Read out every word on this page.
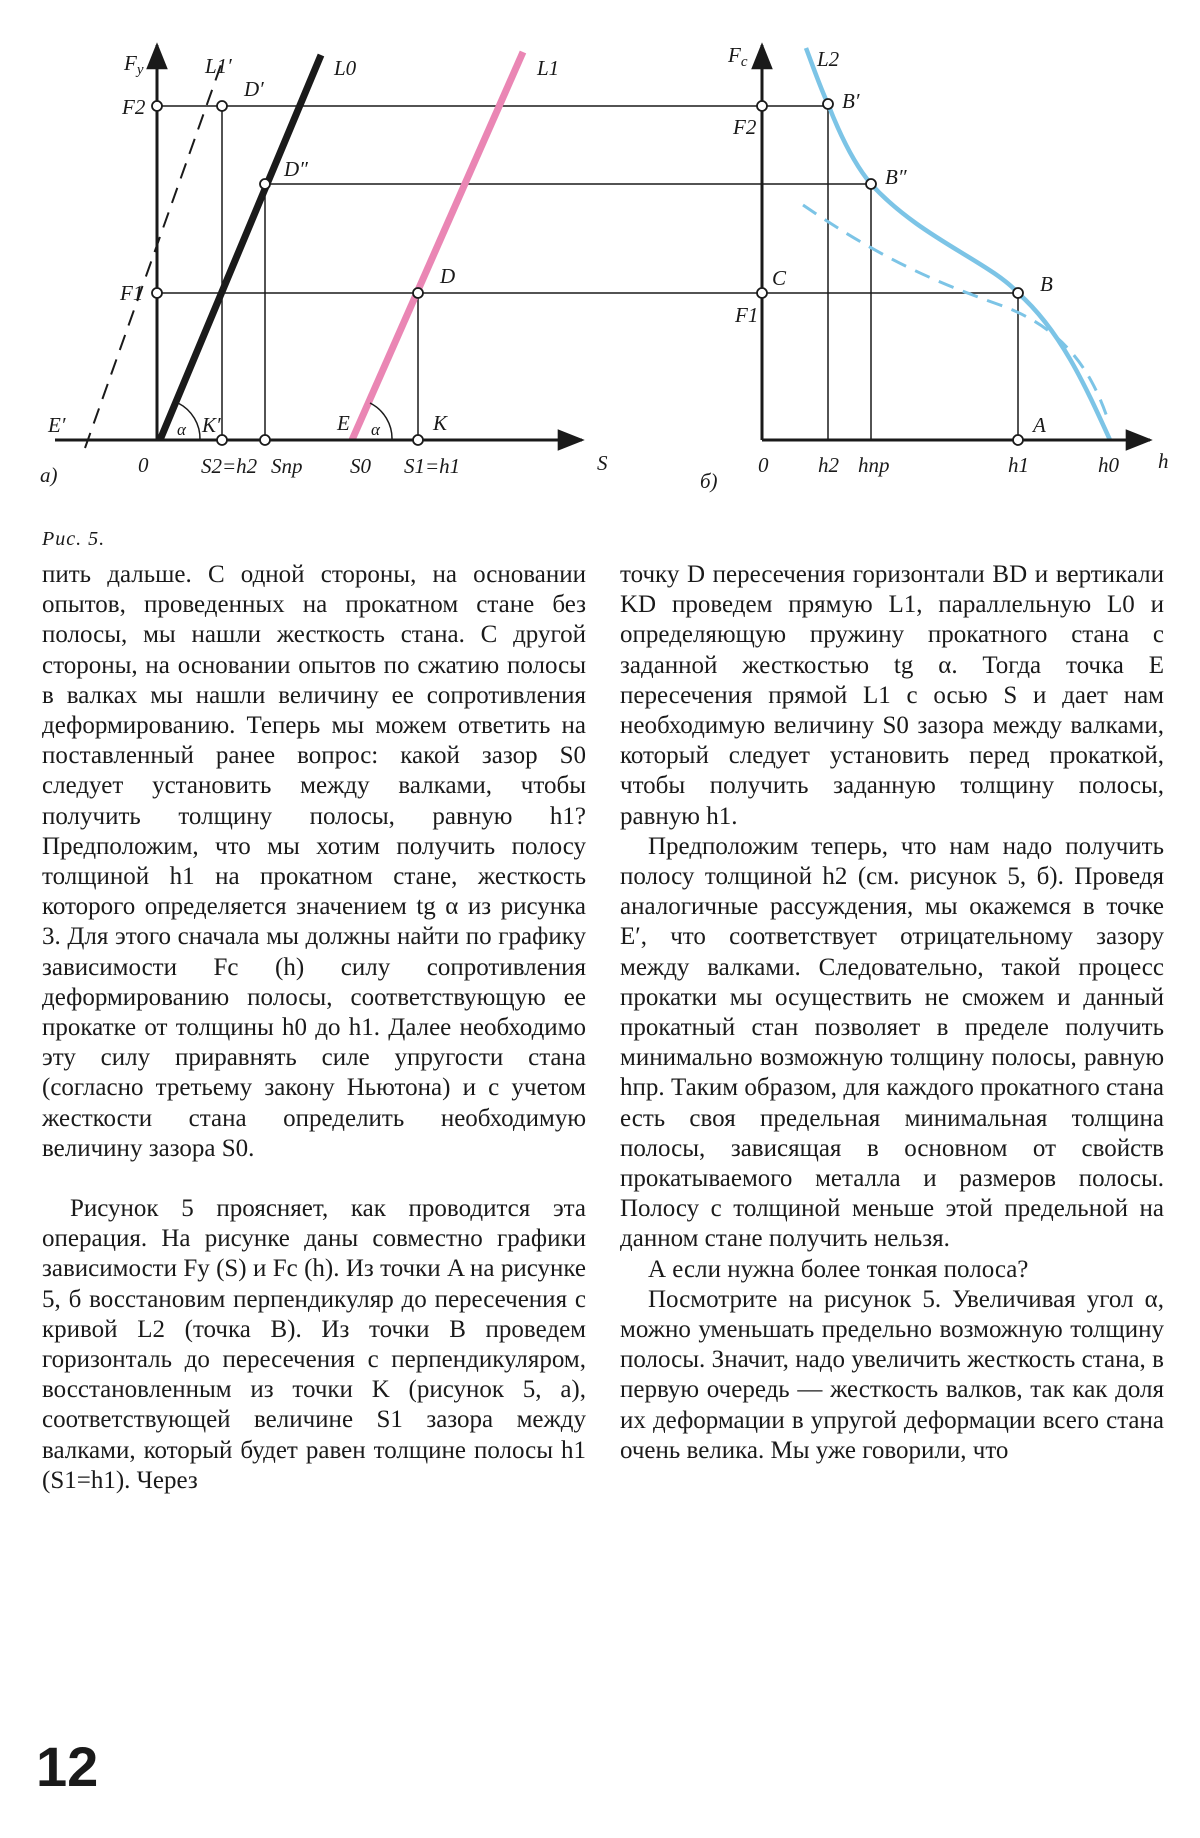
Fу	L1′
D′
L0	L1
F2
D″
D
F1
E′	α K′	E α	K
а)	0	S2=h2 Sпр S0 S1=h1	S
Fс	L2
B′
F2
B″
C	B
F1
A
б)
0 h2 hпр	h1	h0 h
Рис. 5.

пить дальше. С одной стороны, на основании опытов, проведенных на прокатном стане без полосы, мы нашли жесткость стана. С другой стороны, на основании опытов по сжатию полосы в валках мы нашли величину ее сопротивления деформированию. Теперь мы можем ответить на поставленный ранее вопрос: какой зазор S0 следует установить между валками, чтобы получить толщину полосы, равную h1? Предположим, что мы хотим получить полосу толщиной h1 на прокатном стане, жесткость которого определяется значением tg α из рисунка 3. Для этого сначала мы должны найти по графику зависимости Fс (h) силу сопротивления деформированию полосы, соответствующую ее прокатке от толщины h0 до h1. Далее необходимо эту силу приравнять силе упругости стана (согласно третьему закону Ньютона) и с учетом жесткости стана определить необходимую величину зазора S0.

Рисунок 5 проясняет, как проводится эта операция. На рисунке даны совместно графики зависимости Fу (S) и Fс (h). Из точки A на рисунке 5, б восстановим перпендикуляр до пересечения с кривой L2 (точка B). Из точки B проведем горизонталь до пересечения с перпендикуляром, восстановленным из точки K (рисунок 5, а), соответствующей величине S1 зазора между валками, который будет равен толщине полосы h1 (S1=h1). Через

точку D пересечения горизонтали BD и вертикали KD проведем прямую L1, параллельную L0 и определяющую пружину прокатного стана с заданной жесткостью tg α. Тогда точка E пересечения прямой L1 с осью S и дает нам необходимую величину S0 зазора между валками, который следует установить перед прокаткой, чтобы получить заданную толщину полосы, равную h1.

Предположим теперь, что нам надо получить полосу толщиной h2 (см. рисунок 5, б). Проведя аналогичные рассуждения, мы окажемся в точке E′, что соответствует отрицательному зазору между валками. Следовательно, такой процесс прокатки мы осуществить не сможем и данный прокатный стан позволяет в пределе получить минимально возможную толщину полосы, равную hпр. Таким образом, для каждого прокатного стана есть своя предельная минимальная толщина полосы, зависящая в основном от свойств прокатываемого металла и размеров полосы. Полосу с толщиной меньше этой предельной на данном стане получить нельзя.

А если нужна более тонкая полоса?

Посмотрите на рисунок 5. Увеличивая угол α, можно уменьшать предельно возможную толщину полосы. Значит, надо увеличить жесткость стана, в первую очередь — жесткость валков, так как доля их деформации в упругой деформации всего стана очень велика. Мы уже говорили, что

12
